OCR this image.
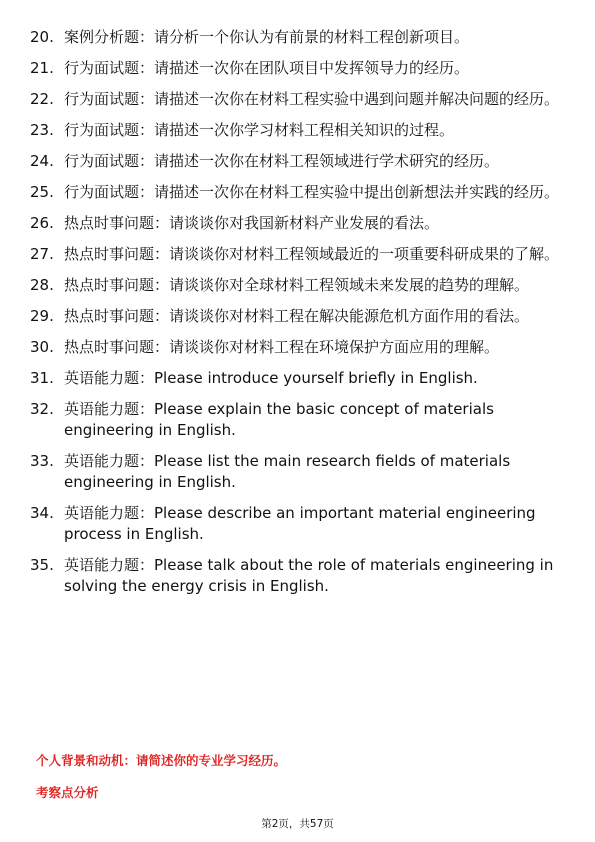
20. 案例分析题：请分析一个你认为有前景的材料工程创新项目。
21. 行为面试题：请描述一次你在团队项目中发挥领导力的经历。
22. 行为面试题：请描述一次你在材料工程实验中遇到问题并解决问题的经历。
23. 行为面试题：请描述一次你学习材料工程相关知识的过程。
24. 行为面试题：请描述一次你在材料工程领域进行学术研究的经历。
25. 行为面试题：请描述一次你在材料工程实验中提出创新想法并实践的经历。
26. 热点时事问题：请谈谈你对我国新材料产业发展的看法。
27. 热点时事问题：请谈谈你对材料工程领域最近的一项重要科研成果的了解。
28. 热点时事问题：请谈谈你对全球材料工程领域未来发展的趋势的理解。
29. 热点时事问题：请谈谈你对材料工程在解决能源危机方面作用的看法。
30. 热点时事问题：请谈谈你对材料工程在环境保护方面应用的理解。
31. 英语能力题：Please introduce yourself briefly in English.
32. 英语能力题：Please explain the basic concept of materials engineering in English.
33. 英语能力题：Please list the main research fields of materials engineering in English.
34. 英语能力题：Please describe an important material engineering process in English.
35. 英语能力题：Please talk about the role of materials engineering in solving the energy crisis in English.
个人背景和动机：请简述你的专业学习经历。
考察点分析
第2页，共57页
